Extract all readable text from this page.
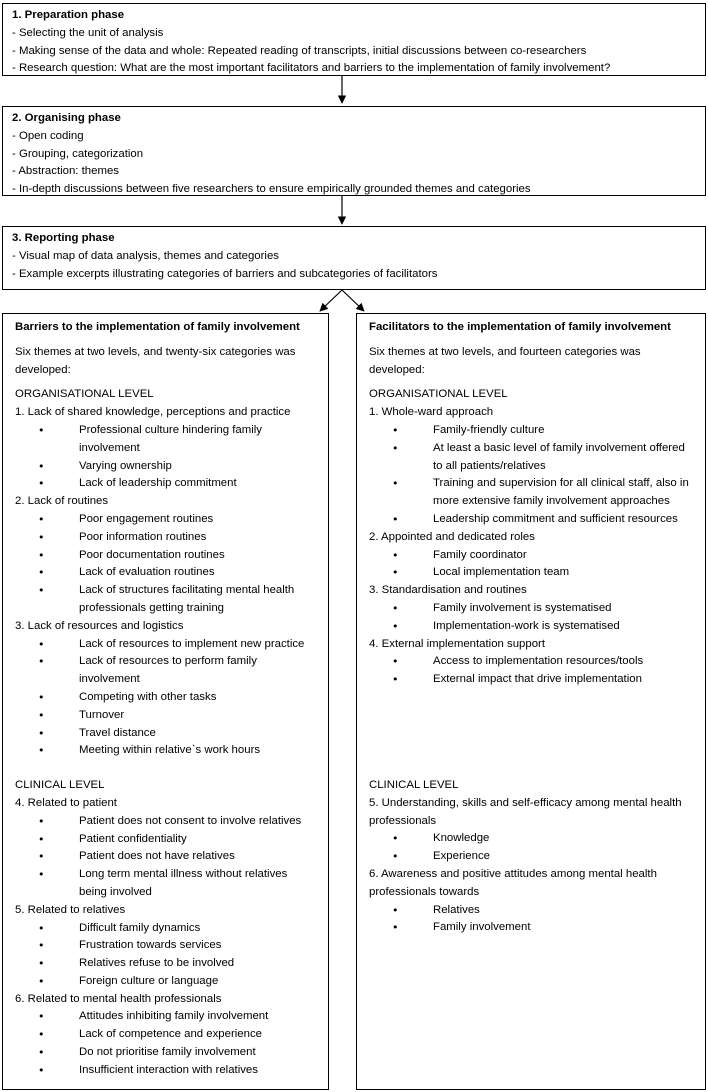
1. Preparation phase
- Selecting the unit of analysis
- Making sense of the data and whole: Repeated reading of transcripts, initial discussions between co-researchers
- Research question: What are the most important facilitators and barriers to the implementation of family involvement?
2. Organising phase
- Open coding
- Grouping, categorization
- Abstraction: themes
- In-depth discussions between five researchers to ensure empirically grounded themes and categories
3. Reporting phase
- Visual map of data analysis, themes and categories
- Example excerpts illustrating categories of barriers and subcategories of facilitators
Barriers to the implementation of family involvement
Six themes at two levels, and twenty-six categories was developed:
ORGANISATIONAL LEVEL
1. Lack of shared knowledge, perceptions and practice
• Professional culture hindering family involvement
• Varying ownership
• Lack of leadership commitment
2. Lack of routines
• Poor engagement routines
• Poor information routines
• Poor documentation routines
• Lack of evaluation routines
• Lack of structures facilitating mental health professionals getting training
3. Lack of resources and logistics
• Lack of resources to implement new practice
• Lack of resources to perform family involvement
• Competing with other tasks
• Turnover
• Travel distance
• Meeting within relative`s work hours
CLINICAL LEVEL
4. Related to patient
• Patient does not consent to involve relatives
• Patient confidentiality
• Patient does not have relatives
• Long term mental illness without relatives being involved
5. Related to relatives
• Difficult family dynamics
• Frustration towards services
• Relatives refuse to be involved
• Foreign culture or language
6. Related to mental health professionals
• Attitudes inhibiting family involvement
• Lack of competence and experience
• Do not prioritise family involvement
• Insufficient interaction with relatives
Facilitators to the implementation of family involvement
Six themes at two levels, and fourteen categories was developed:
ORGANISATIONAL LEVEL
1. Whole-ward approach
• Family-friendly culture
• At least a basic level of family involvement offered to all patients/relatives
• Training and supervision for all clinical staff, also in more extensive family involvement approaches
• Leadership commitment and sufficient resources
2. Appointed and dedicated roles
• Family coordinator
• Local implementation team
3. Standardisation and routines
• Family involvement is systematised
• Implementation-work is systematised
4. External implementation support
• Access to implementation resources/tools
• External impact that drive implementation
CLINICAL LEVEL
5. Understanding, skills and self-efficacy among mental health professionals
• Knowledge
• Experience
6. Awareness and positive attitudes among mental health professionals towards
• Relatives
• Family involvement
